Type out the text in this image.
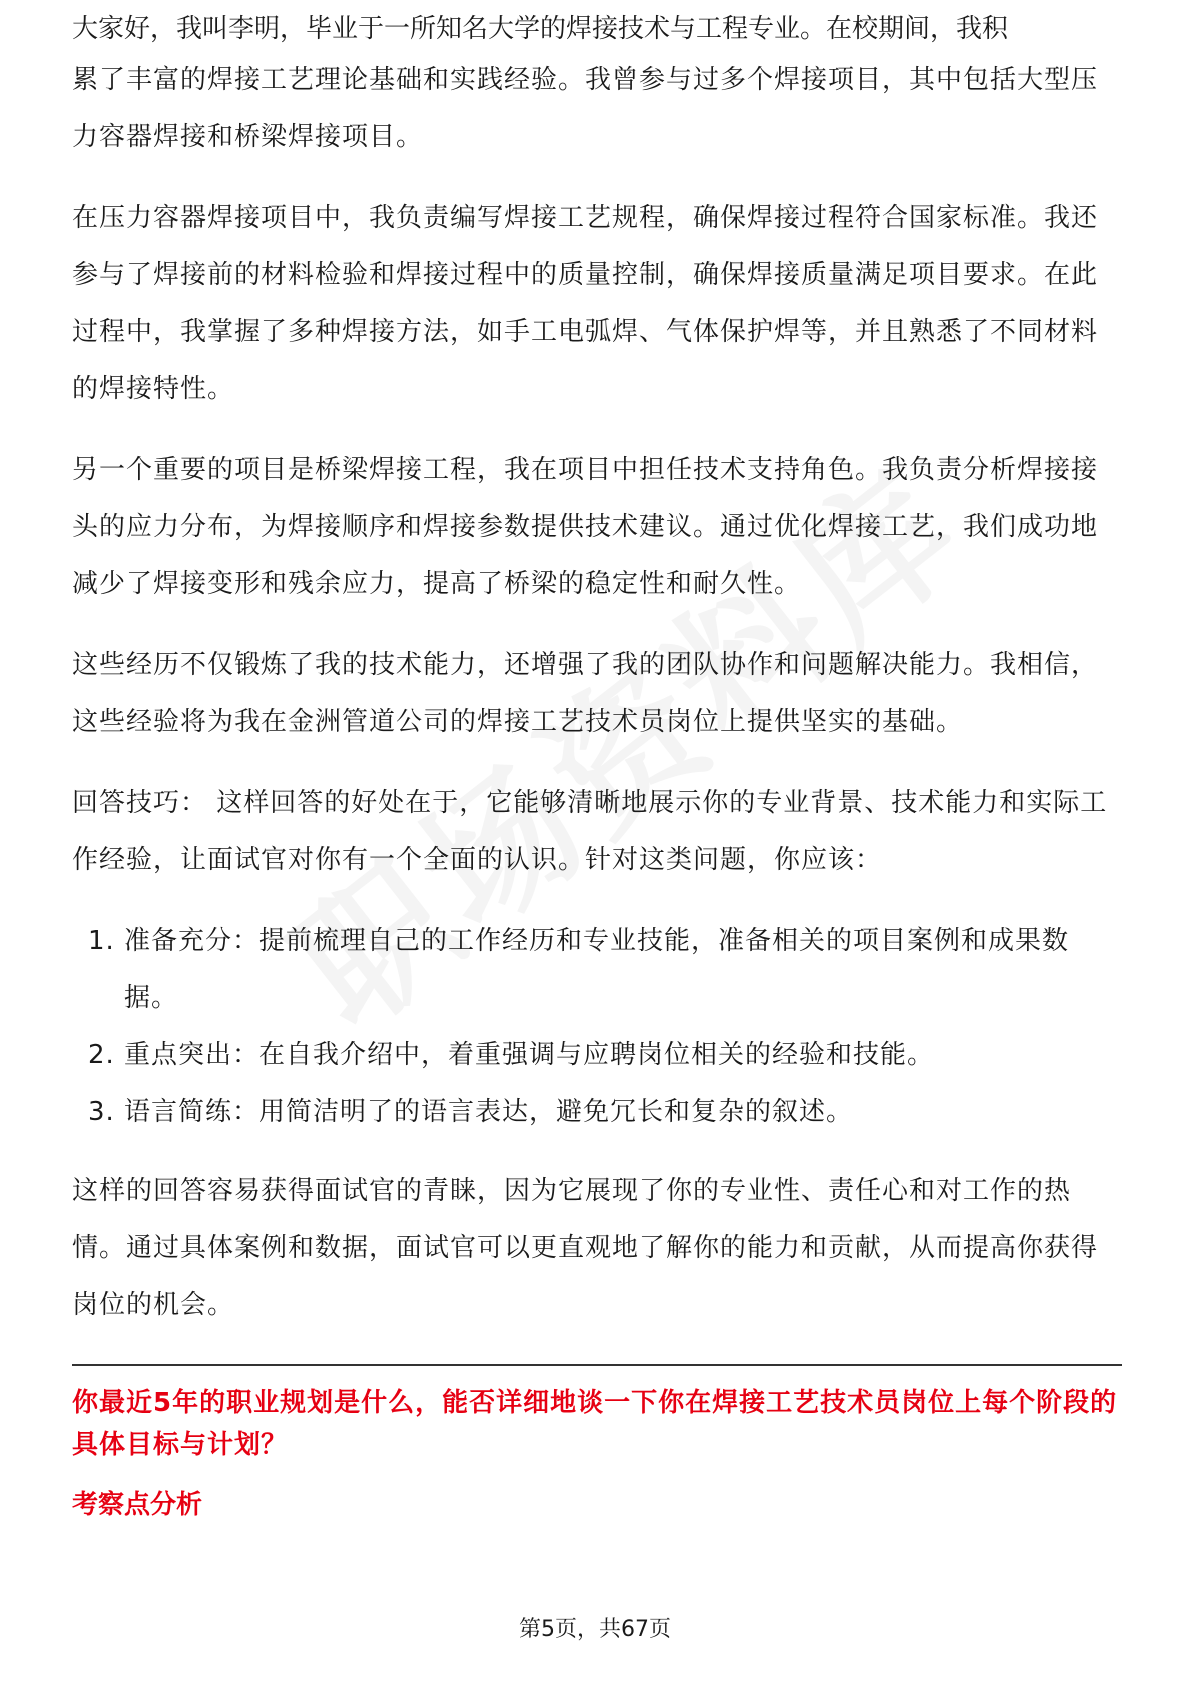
大家好，我叫李明，毕业于一所知名大学的焊接技术与工程专业。在校期间，我积

累了丰富的焊接工艺理论基础和实践经验。我曾参与过多个焊接项目，其中包括大型压力容器焊接和桥梁焊接项目。

在压力容器焊接项目中，我负责编写焊接工艺规程，确保焊接过程符合国家标准。我还参与了焊接前的材料检验和焊接过程中的质量控制，确保焊接质量满足项目要求。在此过程中，我掌握了多种焊接方法，如手工电弧焊、气体保护焊等，并且熟悉了不同材料的焊接特性。

另一个重要的项目是桥梁焊接工程，我在项目中担任技术支持角色。我负责分析焊接接头的应力分布，为焊接顺序和焊接参数提供技术建议。通过优化焊接工艺，我们成功地减少了焊接变形和残余应力，提高了桥梁的稳定性和耐久性。

这些经历不仅锻炼了我的技术能力，还增强了我的团队协作和问题解决能力。我相信，这些经验将为我在金洲管道公司的焊接工艺技术员岗位上提供坚实的基础。

回答技巧： 这样回答的好处在于，它能够清晰地展示你的专业背景、技术能力和实际工作经验，让面试官对你有一个全面的认识。针对这类问题，你应该：

1. 准备充分：提前梳理自己的工作经历和专业技能，准备相关的项目案例和成果数据。
2. 重点突出：在自我介绍中，着重强调与应聘岗位相关的经验和技能。
3. 语言简练：用简洁明了的语言表达，避免冗长和复杂的叙述。

这样的回答容易获得面试官的青睐，因为它展现了你的专业性、责任心和对工作的热情。通过具体案例和数据，面试官可以更直观地了解你的能力和贡献，从而提高你获得岗位的机会。

你最近5年的职业规划是什么，能否详细地谈一下你在焊接工艺技术员岗位上每个阶段的具体目标与计划？
考察点分析
第5页，共67页
